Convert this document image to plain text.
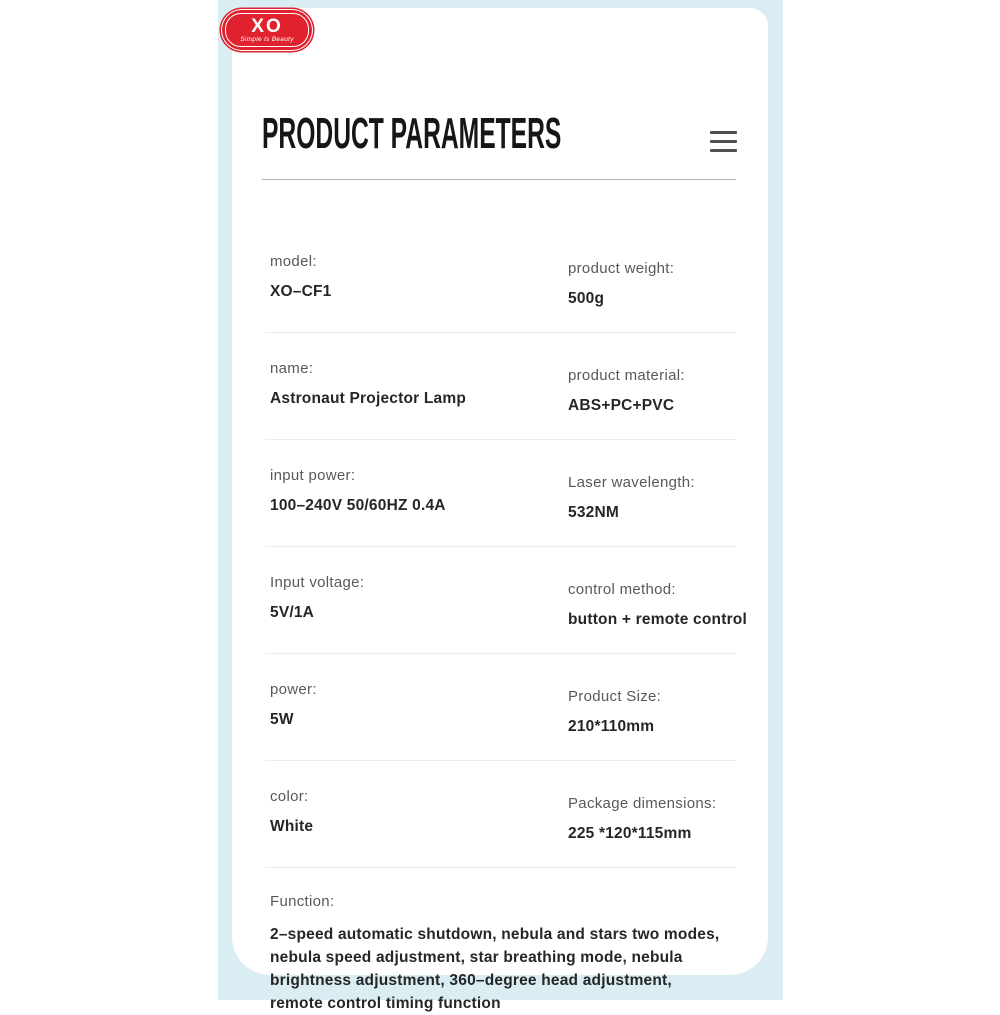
XO
Simple Is Beauty
PRODUCT PARAMETERS
model:
XO–CF1
product weight:
500g
name:
Astronaut Projector Lamp
product material:
ABS+PC+PVC
input power:
100–240V 50/60HZ 0.4A
Laser wavelength:
532NM
Input voltage:
5V/1A
control method:
button + remote control
power:
5W
Product Size:
210*110mm
color:
White
Package dimensions:
225 *120*115mm
Function:
2–speed automatic shutdown, nebula and stars two modes,
nebula speed adjustment, star breathing mode, nebula
brightness adjustment, 360–degree head adjustment,
remote control timing function
